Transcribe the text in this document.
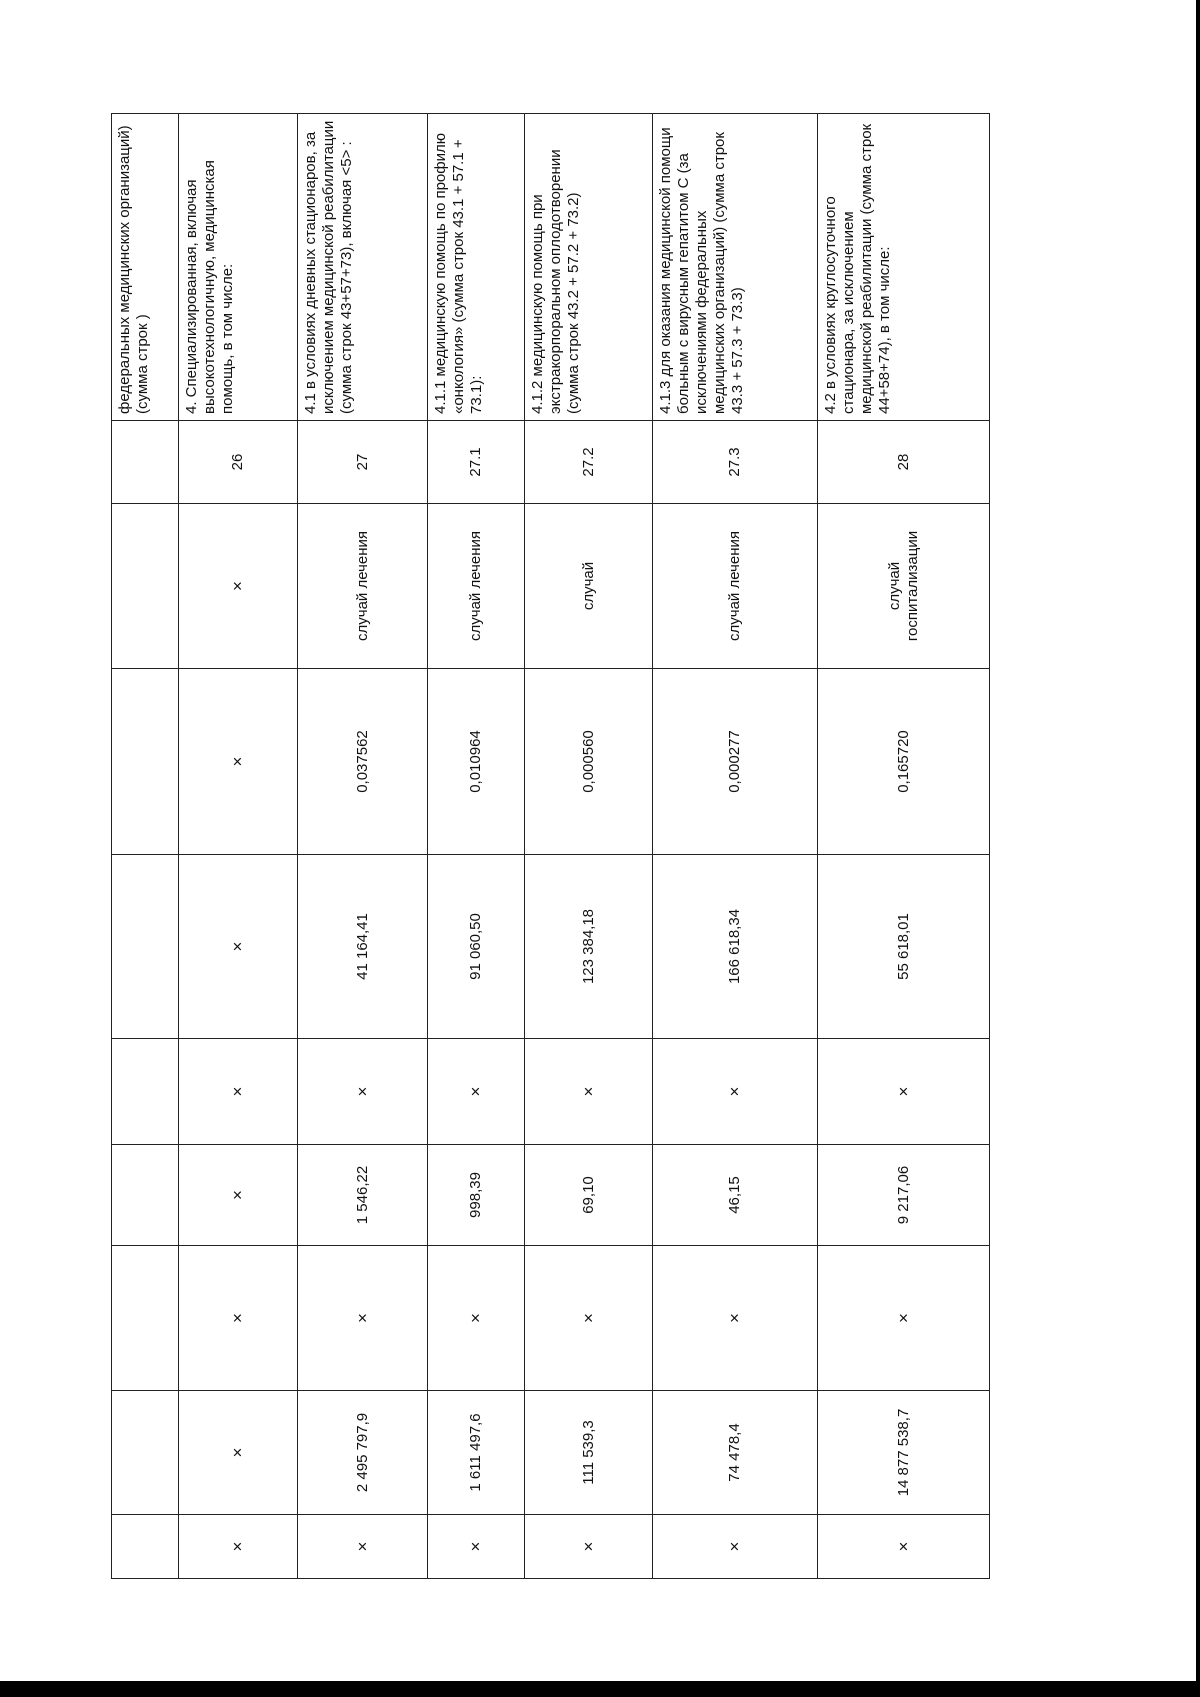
									федеральных медицинских организаций) (сумма строк )
×	×	×	×	×	×	×	×	26	4. Специализированная, включая высокотехнологичную, медицинская помощь, в том числе:
×	2 495 797,9	×	1 546,22	×	41 164,41	0,037562	случай лечения	27	4.1 в условиях дневных стационаров, за исключением медицинской реабилитации (сумма строк 43+57+73), включая <5> :
×	1 611 497,6	×	998,39	×	91 060,50	0,010964	случай лечения	27.1	4.1.1 медицинскую помощь по профилю «онкология» (сумма строк 43.1 + 57.1 + 73.1):
×	111 539,3	×	69,10	×	123 384,18	0,000560	случай	27.2	4.1.2 медицинскую помощь при экстракорпоральном оплодотворении (сумма строк 43.2 + 57.2 + 73.2)
×	74 478,4	×	46,15	×	166 618,34	0,000277	случай лечения	27.3	4.1.3 для оказания медицинской помощи больным с вирусным гепатитом С (за исключениями федеральных медицинских организаций) (сумма строк 43.3 + 57.3 + 73.3)
×	14 877 538,7	×	9 217,06	×	55 618,01	0,165720	случай госпитализации	28	4.2 в условиях круглосуточного стационара, за исключением медицинской реабилитации (сумма строк 44+58+74), в том числе:
